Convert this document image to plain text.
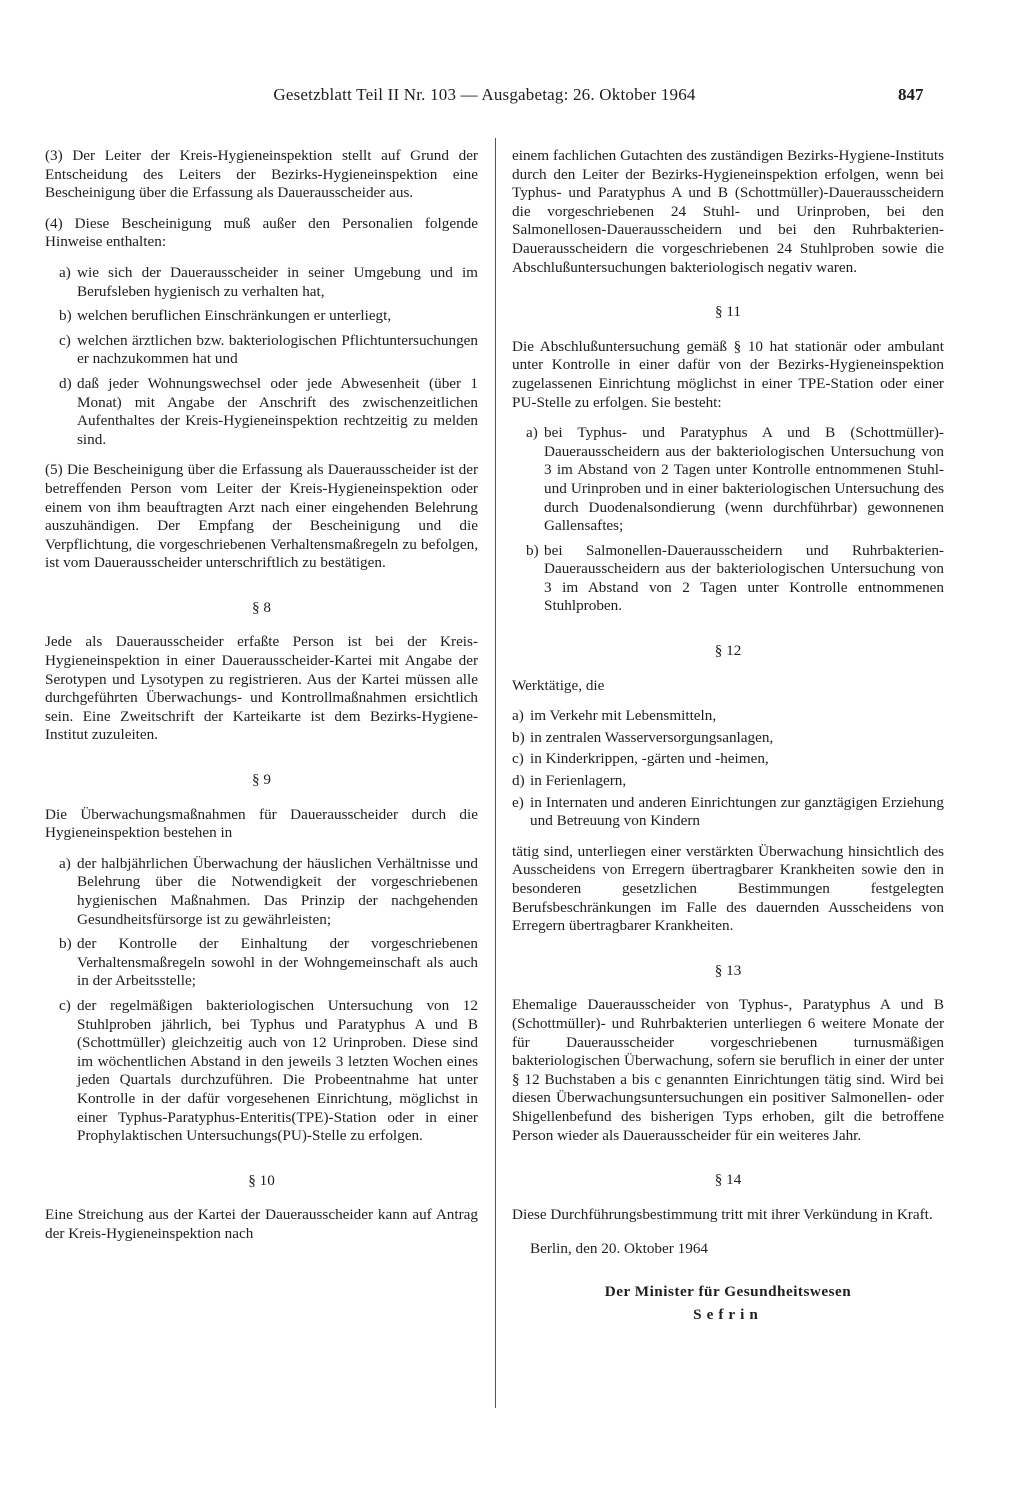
Gesetzblatt Teil II Nr. 103 — Ausgabetag: 26. Oktober 1964	847

(3) Der Leiter der Kreis-Hygieneinspektion stellt auf Grund der Entscheidung des Leiters der Bezirks-Hygieneinspektion eine Bescheinigung über die Erfassung als Dauerausscheider aus.

(4) Diese Bescheinigung muß außer den Personalien folgende Hinweise enthalten:

a) wie sich der Dauerausscheider in seiner Umgebung und im Berufsleben hygienisch zu verhalten hat,
b) welchen beruflichen Einschränkungen er unterliegt,
c) welchen ärztlichen bzw. bakteriologischen Pflichtuntersuchungen er nachzukommen hat und
d) daß jeder Wohnungswechsel oder jede Abwesenheit (über 1 Monat) mit Angabe der Anschrift des zwischenzeitlichen Aufenthaltes der Kreis-Hygieneinspektion rechtzeitig zu melden sind.

(5) Die Bescheinigung über die Erfassung als Dauerausscheider ist der betreffenden Person vom Leiter der Kreis-Hygieneinspektion oder einem von ihm beauftragten Arzt nach einer eingehenden Belehrung auszuhändigen. Der Empfang der Bescheinigung und die Verpflichtung, die vorgeschriebenen Verhaltensmaßregeln zu befolgen, ist vom Dauerausscheider unterschriftlich zu bestätigen.

§ 8

Jede als Dauerausscheider erfaßte Person ist bei der Kreis-Hygieneinspektion in einer Dauerausscheider-Kartei mit Angabe der Serotypen und Lysotypen zu registrieren. Aus der Kartei müssen alle durchgeführten Überwachungs- und Kontrollmaßnahmen ersichtlich sein. Eine Zweitschrift der Karteikarte ist dem Bezirks-Hygiene-Institut zuzuleiten.

§ 9

Die Überwachungsmaßnahmen für Dauerausscheider durch die Hygieneinspektion bestehen in

a) der halbjährlichen Überwachung der häuslichen Verhältnisse und Belehrung über die Notwendigkeit der vorgeschriebenen hygienischen Maßnahmen. Das Prinzip der nachgehenden Gesundheitsfürsorge ist zu gewährleisten;
b) der Kontrolle der Einhaltung der vorgeschriebenen Verhaltensmaßregeln sowohl in der Wohngemeinschaft als auch in der Arbeitsstelle;
c) der regelmäßigen bakteriologischen Untersuchung von 12 Stuhlproben jährlich, bei Typhus und Paratyphus A und B (Schottmüller) gleichzeitig auch von 12 Urinproben. Diese sind im wöchentlichen Abstand in den jeweils 3 letzten Wochen eines jeden Quartals durchzuführen. Die Probeentnahme hat unter Kontrolle in der dafür vorgesehenen Einrichtung, möglichst in einer Typhus-Paratyphus-Enteritis(TPE)-Station oder in einer Prophylaktischen Untersuchungs(PU)-Stelle zu erfolgen.
§ 10

Eine Streichung aus der Kartei der Dauerausscheider kann auf Antrag der Kreis-Hygieneinspektion nach

einem fachlichen Gutachten des zuständigen Bezirks-Hygiene-Instituts durch den Leiter der Bezirks-Hygieneinspektion erfolgen, wenn bei Typhus- und Paratyphus A und B (Schottmüller)-Dauerausscheidern die vorgeschriebenen 24 Stuhl- und Urinproben, bei den Salmonellosen-Dauerausscheidern und bei den Ruhrbakterien-Dauerausscheidern die vorgeschriebenen 24 Stuhlproben sowie die Abschlußuntersuchungen bakteriologisch negativ waren.

§ 11

Die Abschlußuntersuchung gemäß § 10 hat stationär oder ambulant unter Kontrolle in einer dafür von der Bezirks-Hygieneinspektion zugelassenen Einrichtung möglichst in einer TPE-Station oder einer PU-Stelle zu erfolgen. Sie besteht:

a) bei Typhus- und Paratyphus A und B (Schottmüller)-Dauerausscheidern aus der bakteriologischen Untersuchung von 3 im Abstand von 2 Tagen unter Kontrolle entnommenen Stuhl- und Urinproben und in einer bakteriologischen Untersuchung des durch Duodenalsondierung (wenn durchführbar) gewonnenen Gallensaftes;
b) bei Salmonellen-Dauerausscheidern und Ruhrbakterien-Dauerausscheidern aus der bakteriologischen Untersuchung von 3 im Abstand von 2 Tagen unter Kontrolle entnommenen Stuhlproben.
§ 12

Werktätige, die

a) im Verkehr mit Lebensmitteln,
b) in zentralen Wasserversorgungsanlagen,
c) in Kinderkrippen, -gärten und -heimen,
d) in Ferienlagern,
e) in Internaten und anderen Einrichtungen zur ganztägigen Erziehung und Betreuung von Kindern

tätig sind, unterliegen einer verstärkten Überwachung hinsichtlich des Ausscheidens von Erregern übertragbarer Krankheiten sowie den in besonderen gesetzlichen Bestimmungen festgelegten Berufsbeschränkungen im Falle des dauernden Ausscheidens von Erregern übertragbarer Krankheiten.

§ 13

Ehemalige Dauerausscheider von Typhus-, Paratyphus A und B (Schottmüller)- und Ruhrbakterien unterliegen 6 weitere Monate der für Dauerausscheider vorgeschriebenen turnusmäßigen bakteriologischen Überwachung, sofern sie beruflich in einer der unter § 12 Buchstaben a bis c genannten Einrichtungen tätig sind. Wird bei diesen Überwachungsuntersuchungen ein positiver Salmonellen- oder Shigellenbefund des bisherigen Typs erhoben, gilt die betroffene Person wieder als Dauerausscheider für ein weiteres Jahr.

§ 14

Diese Durchführungsbestimmung tritt mit ihrer Verkündung in Kraft.

Berlin, den 20. Oktober 1964
Der Minister für Gesundheitswesen
Sefrin
